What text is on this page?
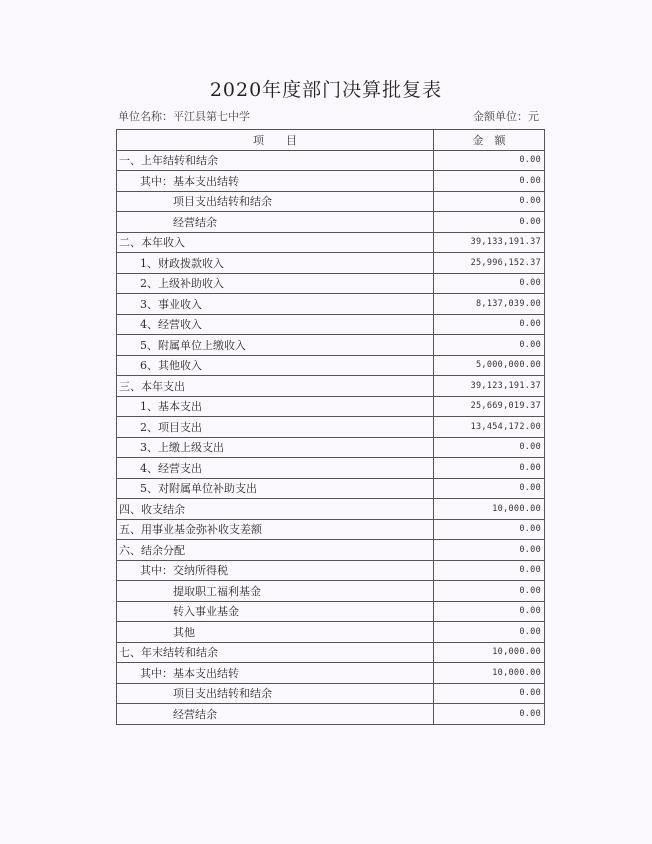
2020年度部门决算批复表
单位名称：平江县第七中学	金额单位：元
项　　目	金　额
一、上年结转和结余	0.00
其中：基本支出结转	0.00
项目支出结转和结余	0.00
经营结余	0.00
二、本年收入	39,133,191.37
1、财政拨款收入	25,996,152.37
2、上级补助收入	0.00
3、事业收入	8,137,039.00
4、经营收入	0.00
5、附属单位上缴收入	0.00
6、其他收入	5,000,000.00
三、本年支出	39,123,191.37
1、基本支出	25,669,019.37
2、项目支出	13,454,172.00
3、上缴上级支出	0.00
4、经营支出	0.00
5、对附属单位补助支出	0.00
四、收支结余	10,000.00
五、用事业基金弥补收支差额	0.00
六、结余分配	0.00
其中：交纳所得税	0.00
提取职工福利基金	0.00
转入事业基金	0.00
其他	0.00
七、年末结转和结余	10,000.00
其中：基本支出结转	10,000.00
项目支出结转和结余	0.00
经营结余	0.00
